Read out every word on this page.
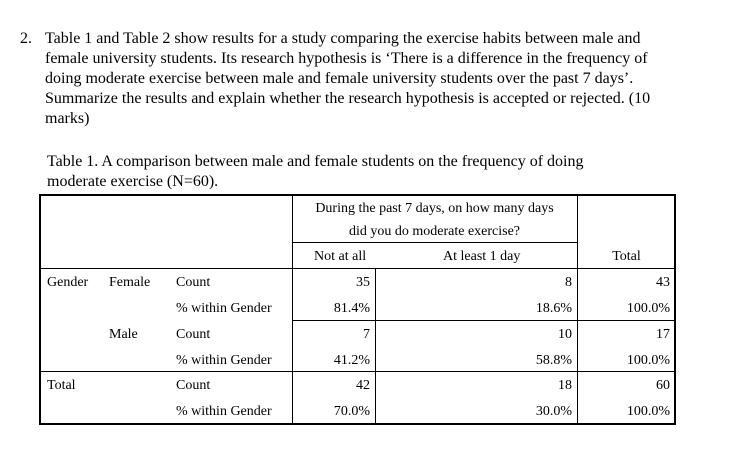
2. Table 1 and Table 2 show results for a study comparing the exercise habits between male and
female university students. Its research hypothesis is ‘There is a difference in the frequency of
doing moderate exercise between male and female university students over the past 7 days’.
Summarize the results and explain whether the research hypothesis is accepted or rejected. (10
marks)
Table 1. A comparison between male and female students on the frequency of doing
moderate exercise (N=60).
During the past 7 days, on how many days
did you do moderate exercise?
Not at all	At least 1 day	Total
Gender Female Count	35	8	43
% within Gender	81.4%	18.6%	100.0%
Male	Count	7	10	17
% within Gender	41.2%	58.8%	100.0%
Total	Count	42	18	60
% within Gender	70.0%	30.0%	100.0%
